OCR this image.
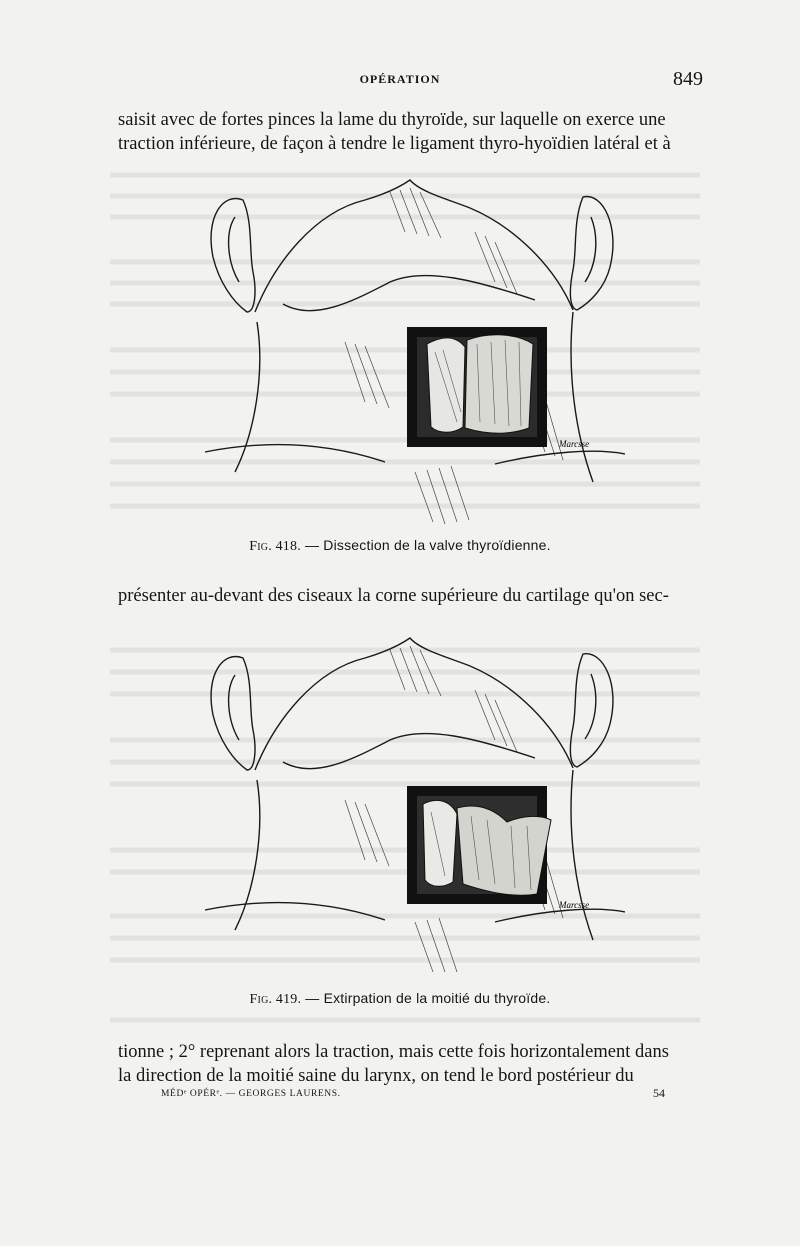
OPÉRATION	849
saisit avec de fortes pinces la lame du thyroïde, sur laquelle on exerce une
traction inférieure, de façon à tendre le ligament thyro-hyoïdien latéral et à
Marcsse
Fig. 418. — Dissection de la valve thyroïdienne.
présenter au-devant des ciseaux la corne supérieure du cartilage qu'on sec-
Marcsse
Fig. 419. — Extirpation de la moitié du thyroïde.
tionne ; 2° reprenant alors la traction, mais cette fois horizontalement dans
la direction de la moitié saine du larynx, on tend le bord postérieur du
MÉDᵉ OPÉRᵉ. — GEORGES LAURENS.	54
